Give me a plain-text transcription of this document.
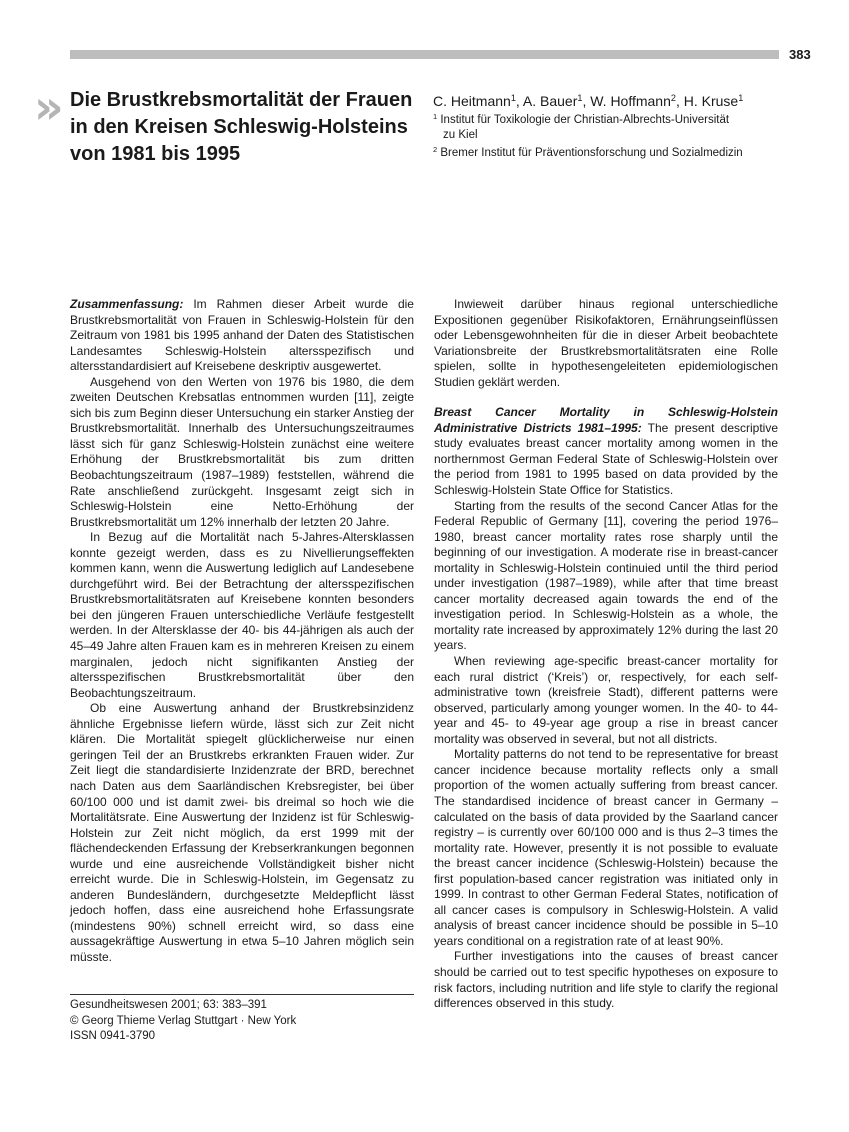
383
» Die Brustkrebsmortalität der Frauen in den Kreisen Schleswig-Holsteins von 1981 bis 1995

C. Heitmann$^1$, A. Bauer$^1$, W. Hoffmann$^2$, H. Kruse$^1$

$^1$ Institut für Toxikologie der Christian-Albrechts-Universität
zu Kiel

$^2$ Bremer Institut für Präventionsforschung und Sozialmedizin

Zusammenfassung: Im Rahmen dieser Arbeit wurde die Brustkrebsmortalität von Frauen in Schleswig-Holstein für den Zeitraum von 1981 bis 1995 anhand der Daten des Statistischen Landesamtes Schleswig-Holstein altersspezifisch und altersstandardisiert auf Kreisebene deskriptiv ausgewertet.

Ausgehend von den Werten von 1976 bis 1980, die dem zweiten Deutschen Krebsatlas entnommen wurden [11], zeigte sich bis zum Beginn dieser Untersuchung ein starker Anstieg der Brustkrebsmortalität. Innerhalb des Untersuchungszeitraumes lässt sich für ganz Schleswig-Holstein zunächst eine weitere Erhöhung der Brustkrebsmortalität bis zum dritten Beobachtungszeitraum (1987–1989) feststellen, während die Rate anschließend zurückgeht. Insgesamt zeigt sich in Schleswig-Holstein eine Netto-Erhöhung der Brustkrebsmortalität um 12% innerhalb der letzten 20 Jahre.

In Bezug auf die Mortalität nach 5-Jahres-Altersklassen konnte gezeigt werden, dass es zu Nivellierungseffekten kommen kann, wenn die Auswertung lediglich auf Landesebene durchgeführt wird. Bei der Betrachtung der altersspezifischen Brustkrebsmortalitätsraten auf Kreisebene konnten besonders bei den jüngeren Frauen unterschiedliche Verläufe festgestellt werden. In der Altersklasse der 40- bis 44-jährigen als auch der 45–49 Jahre alten Frauen kam es in mehreren Kreisen zu einem marginalen, jedoch nicht signifikanten Anstieg der altersspezifischen Brustkrebsmortalität über den Beobachtungszeitraum.

Ob eine Auswertung anhand der Brustkrebsinzidenz ähnliche Ergebnisse liefern würde, lässt sich zur Zeit nicht klären. Die Mortalität spiegelt glücklicherweise nur einen geringen Teil der an Brustkrebs erkrankten Frauen wider. Zur Zeit liegt die standardisierte Inzidenzrate der BRD, berechnet nach Daten aus dem Saarländischen Krebsregister, bei über 60/100 000 und ist damit zwei- bis dreimal so hoch wie die Mortalitätsrate. Eine Auswertung der Inzidenz ist für Schleswig-Holstein zur Zeit nicht möglich, da erst 1999 mit der flächendeckenden Erfassung der Krebserkrankungen begonnen wurde und eine ausreichende Vollständigkeit bisher nicht erreicht wurde. Die in Schleswig-Holstein, im Gegensatz zu anderen Bundesländern, durchgesetzte Meldepflicht lässt jedoch hoffen, dass eine ausreichend hohe Erfassungsrate (mindestens 90%) schnell erreicht wird, so dass eine aussagekräftige Auswertung in etwa 5–10 Jahren möglich sein müsste.

Inwieweit darüber hinaus regional unterschiedliche Expositionen gegenüber Risikofaktoren, Ernährungseinflüssen oder Lebensgewohnheiten für die in dieser Arbeit beobachtete Variationsbreite der Brustkrebsmortalitätsraten eine Rolle spielen, sollte in hypothesengeleiteten epidemiologischen Studien geklärt werden.

Breast Cancer Mortality in Schleswig-Holstein Administrative Districts 1981–1995: The present descriptive study evaluates breast cancer mortality among women in the northernmost German Federal State of Schleswig-Holstein over the period from 1981 to 1995 based on data provided by the Schleswig-Holstein State Office for Statistics.

Starting from the results of the second Cancer Atlas for the Federal Republic of Germany [11], covering the period 1976–1980, breast cancer mortality rates rose sharply until the beginning of our investigation. A moderate rise in breast-cancer mortality in Schleswig-Holstein continuied until the third period under investigation (1987–1989), while after that time breast cancer mortality decreased again towards the end of the investigation period. In Schleswig-Holstein as a whole, the mortality rate increased by approximately 12% during the last 20 years.

When reviewing age-specific breast-cancer mortality for each rural district (‘Kreis’) or, respectively, for each self-administrative town (kreisfreie Stadt), different patterns were observed, particularly among younger women. In the 40- to 44-year and 45- to 49-year age group a rise in breast cancer mortality was observed in several, but not all districts.

Mortality patterns do not tend to be representative for breast cancer incidence because mortality reflects only a small proportion of the women actually suffering from breast cancer. The standardised incidence of breast cancer in Germany – calculated on the basis of data provided by the Saarland cancer registry – is currently over 60/100 000 and is thus 2–3 times the mortality rate. However, presently it is not possible to evaluate the breast cancer incidence (Schleswig-Holstein) because the first population-based cancer registration was initiated only in 1999. In contrast to other German Federal States, notification of all cancer cases is compulsory in Schleswig-Holstein. A valid analysis of breast cancer incidence should be possible in 5–10 years conditional on a registration rate of at least 90%.

Further investigations into the causes of breast cancer should be carried out to test specific hypotheses on exposure to risk factors, including nutrition and life style to clarify the regional differences observed in this study.

Gesundheitswesen 2001; 63: 383–391
© Georg Thieme Verlag Stuttgart · New York
ISSN 0941-3790
